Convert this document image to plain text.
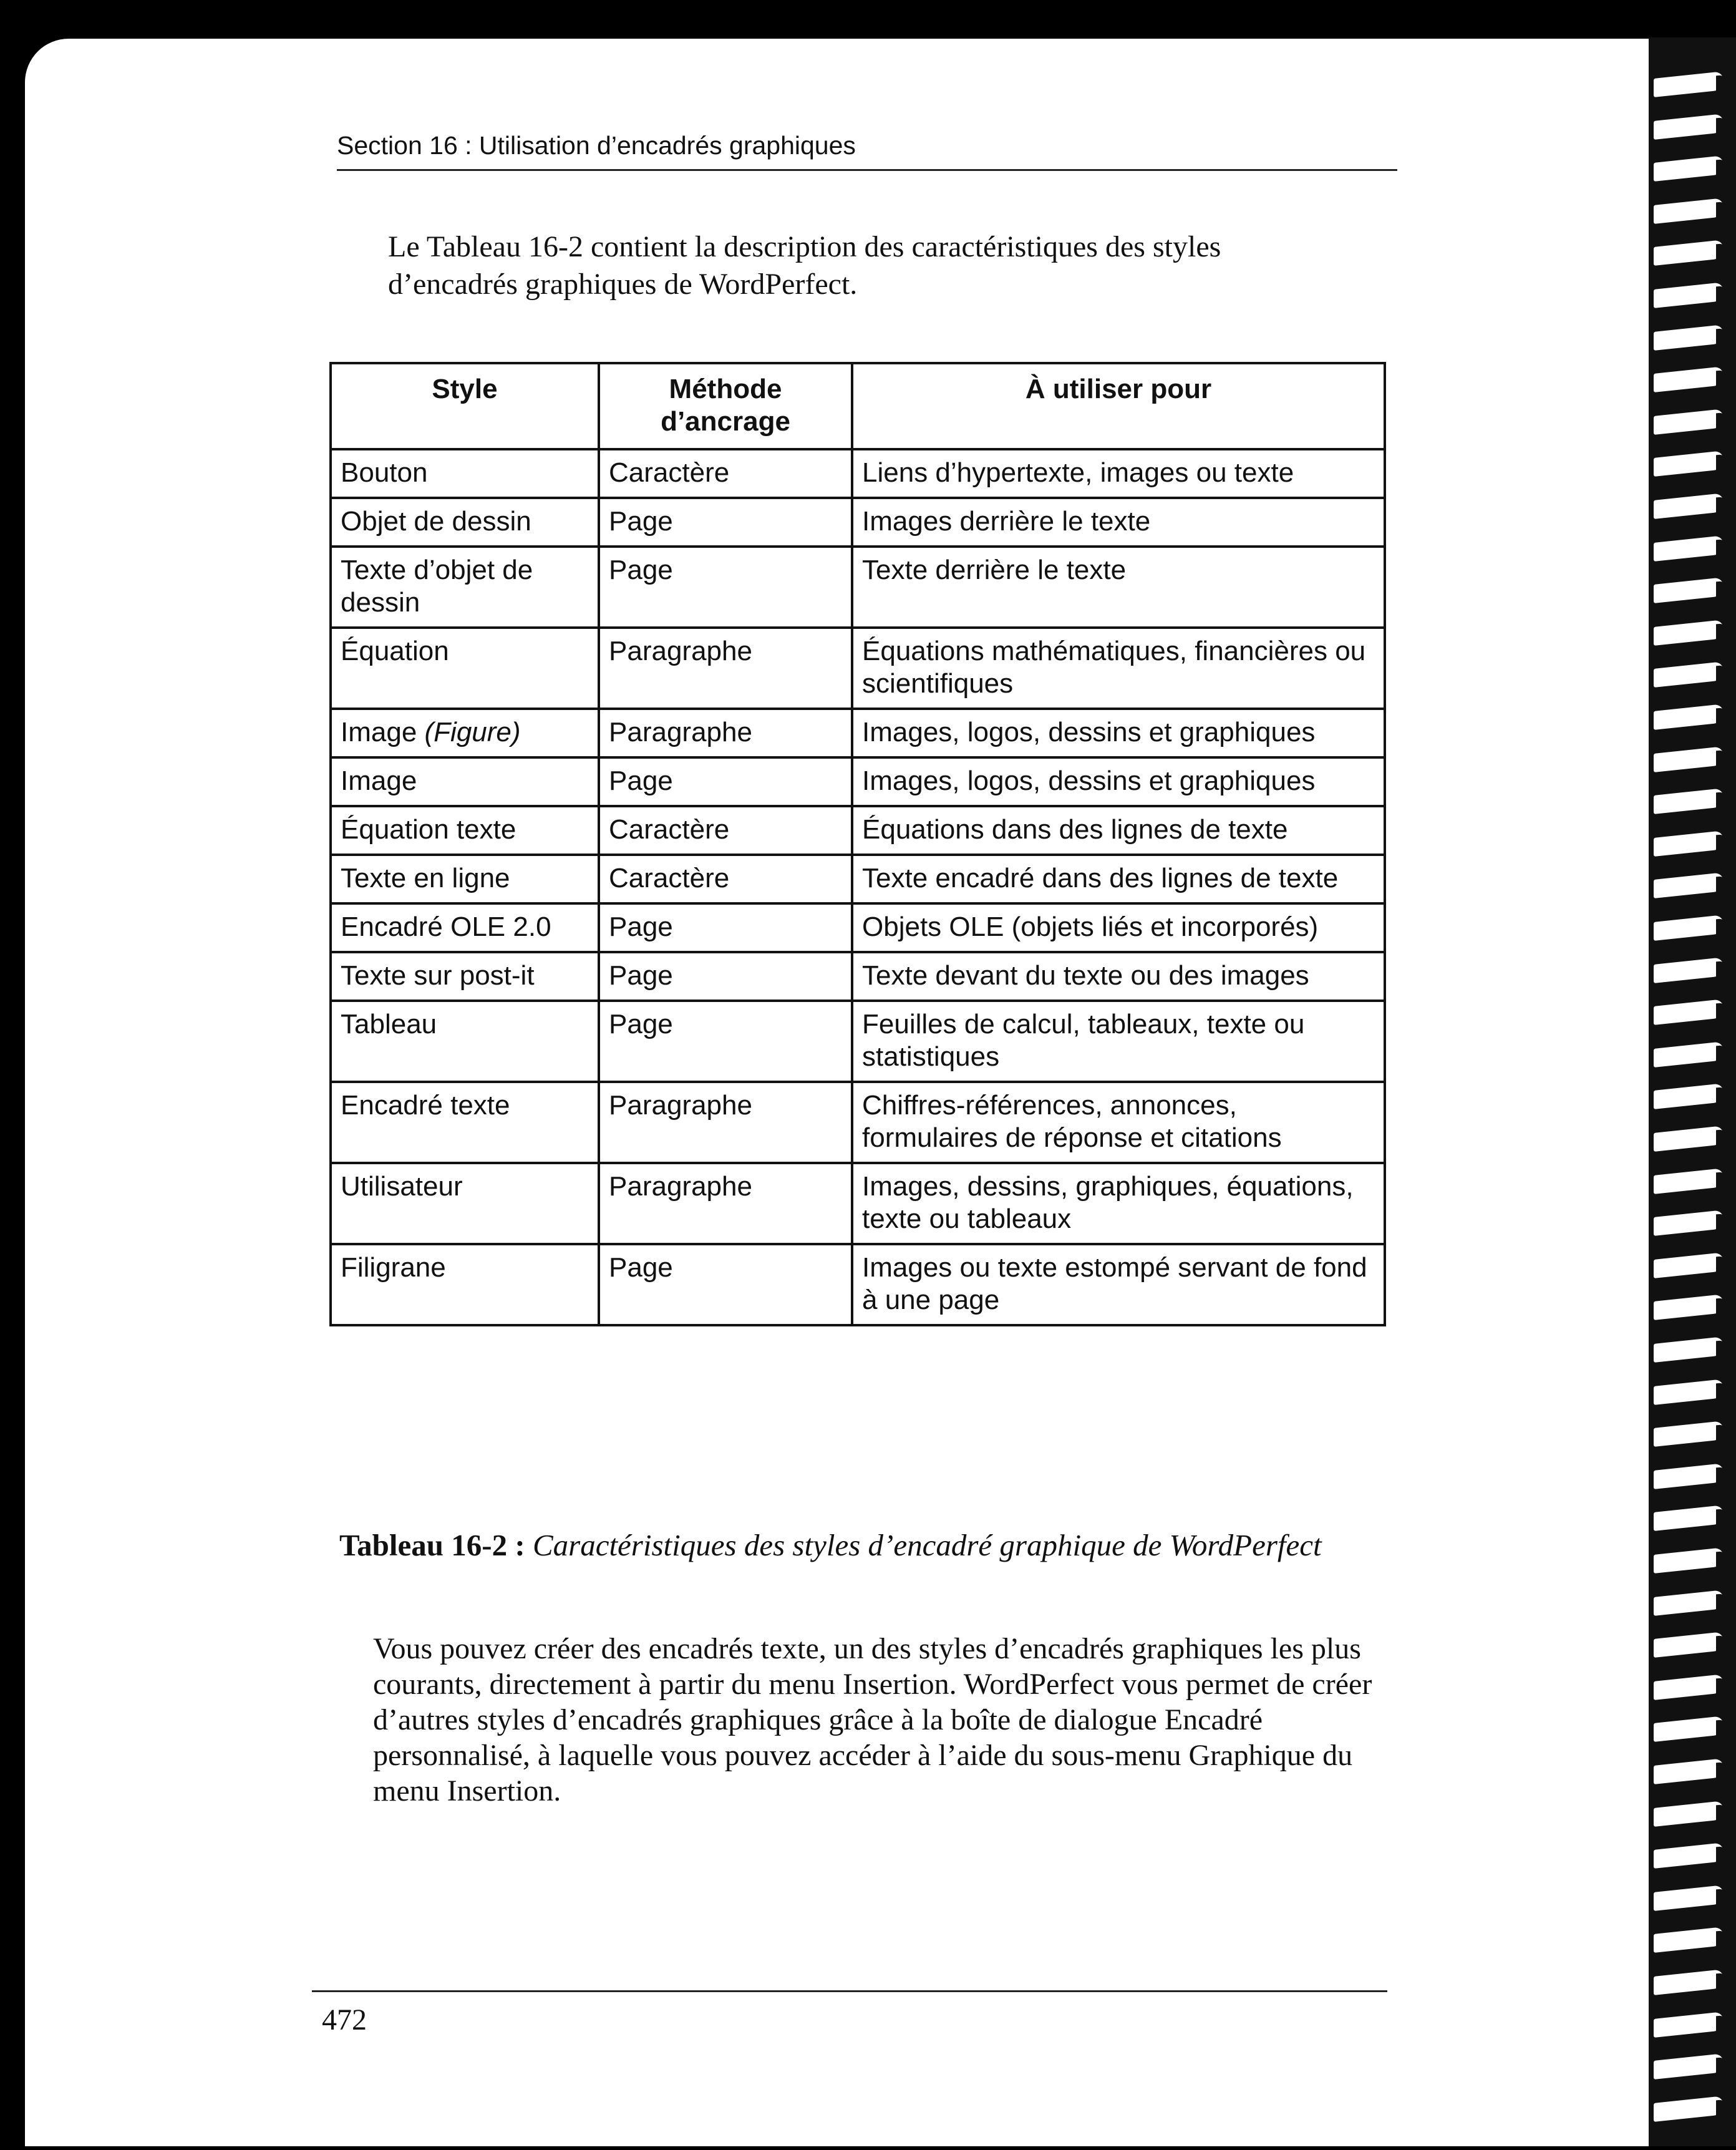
Section 16 : Utilisation d’encadrés graphiques
Le Tableau 16-2 contient la description des caractéristiques des styles d’encadrés graphiques de WordPerfect.
Style	Méthode d’ancrage	À utiliser pour
Bouton	Caractère	Liens d’hypertexte, images ou texte
Objet de dessin	Page	Images derrière le texte
Texte d’objet de dessin	Page	Texte derrière le texte
Équation	Paragraphe	Équations mathématiques, financières ou scientifiques
Image (Figure)	Paragraphe	Images, logos, dessins et graphiques
Image	Page	Images, logos, dessins et graphiques
Équation texte	Caractère	Équations dans des lignes de texte
Texte en ligne	Caractère	Texte encadré dans des lignes de texte
Encadré OLE 2.0	Page	Objets OLE (objets liés et incorporés)
Texte sur post-it	Page	Texte devant du texte ou des images
Tableau	Page	Feuilles de calcul, tableaux, texte ou statistiques
Encadré texte	Paragraphe	Chiffres-références, annonces, formulaires de réponse et citations
Utilisateur	Paragraphe	Images, dessins, graphiques, équations, texte ou tableaux
Filigrane	Page	Images ou texte estompé servant de fond à une page
Tableau 16-2 : Caractéristiques des styles d’encadré graphique de WordPerfect
Vous pouvez créer des encadrés texte, un des styles d’encadrés graphiques les plus courants, directement à partir du menu Insertion. WordPerfect vous permet de créer d’autres styles d’encadrés graphiques grâce à la boîte de dialogue Encadré personnalisé, à laquelle vous pouvez accéder à l’aide du sous-menu Graphique du menu Insertion.
472
